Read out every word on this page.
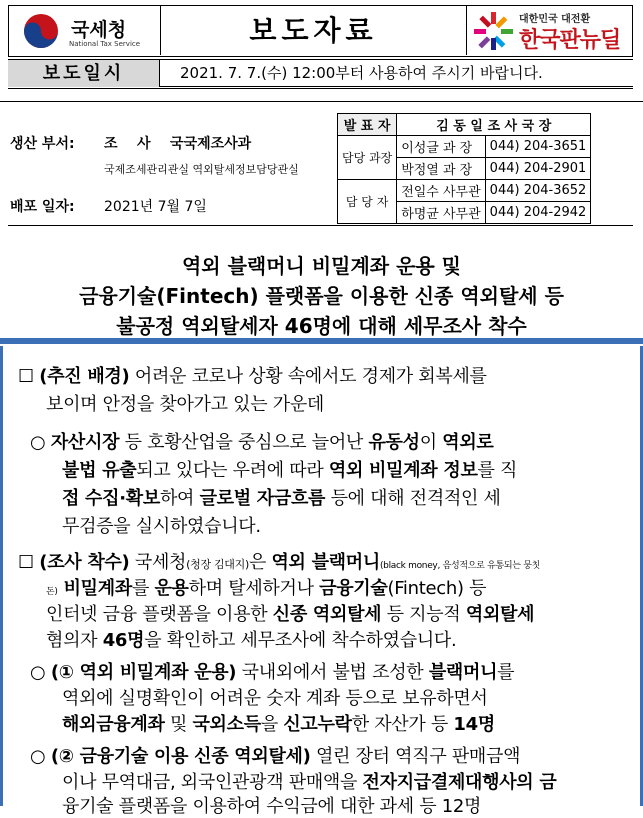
국세청
National Tax Service	보도자료	대한민국 대전환
한국판뉴딜
보도일시	2021. 7. 7.(수) 12:00부터 사용하여 주시기 바랍니다.
생산 부서: 조    사    국국제조사과
국제조세관리관실 역외탈세정보담당관실
배포 일자: 2021년 7월 7일
발 표 자	김 동 일 조 사 국 장	
담당 과장	이성글 과 장	044) 204-3651
	박정열 과 장	044) 204-2901
담 당 자	전일수 사무관	044) 204-3652
	하명균 사무관	044) 204-2942
역외 블랙머니 비밀계좌 운용 및
금융기술(Fintech) 플랫폼을 이용한 신종 역외탈세 등
불공정 역외탈세자 46명에 대해 세무조사 착수
☐ (추진 배경) 어려운 코로나 상황 속에서도 경제가 회복세를
보이며 안정을 찾아가고 있는 가운데
○ 자산시장 등 호황산업을 중심으로 늘어난 유동성이 역외로
불법 유출되고 있다는 우려에 따라 역외 비밀계좌 정보를 직
접 수집·확보하여 글로벌 자금흐름 등에 대해 전격적인 세
무검증을 실시하였습니다.
☐ (조사 착수) 국세청(청장 김대지)은 역외 블랙머니(black money, 음성적으로 유통되는 뭉칫
돈) 비밀계좌를 운용하며 탈세하거나 금융기술(Fintech) 등
인터넷 금융 플랫폼을 이용한 신종 역외탈세 등 지능적 역외탈세
혐의자 46명을 확인하고 세무조사에 착수하였습니다.
○ (① 역외 비밀계좌 운용) 국내외에서 불법 조성한 블랙머니를
역외에 실명확인이 어려운 숫자 계좌 등으로 보유하면서
해외금융계좌 및 국외소득을 신고누락한 자산가 등 14명
○ (② 금융기술 이용 신종 역외탈세) 열린 장터 역직구 판매금액
이나 무역대금, 외국인관광객 판매액을 전자지급결제대행사의 금
융기술 플랫폼을 이용하여 수익금에 대한 과세 등 12명
